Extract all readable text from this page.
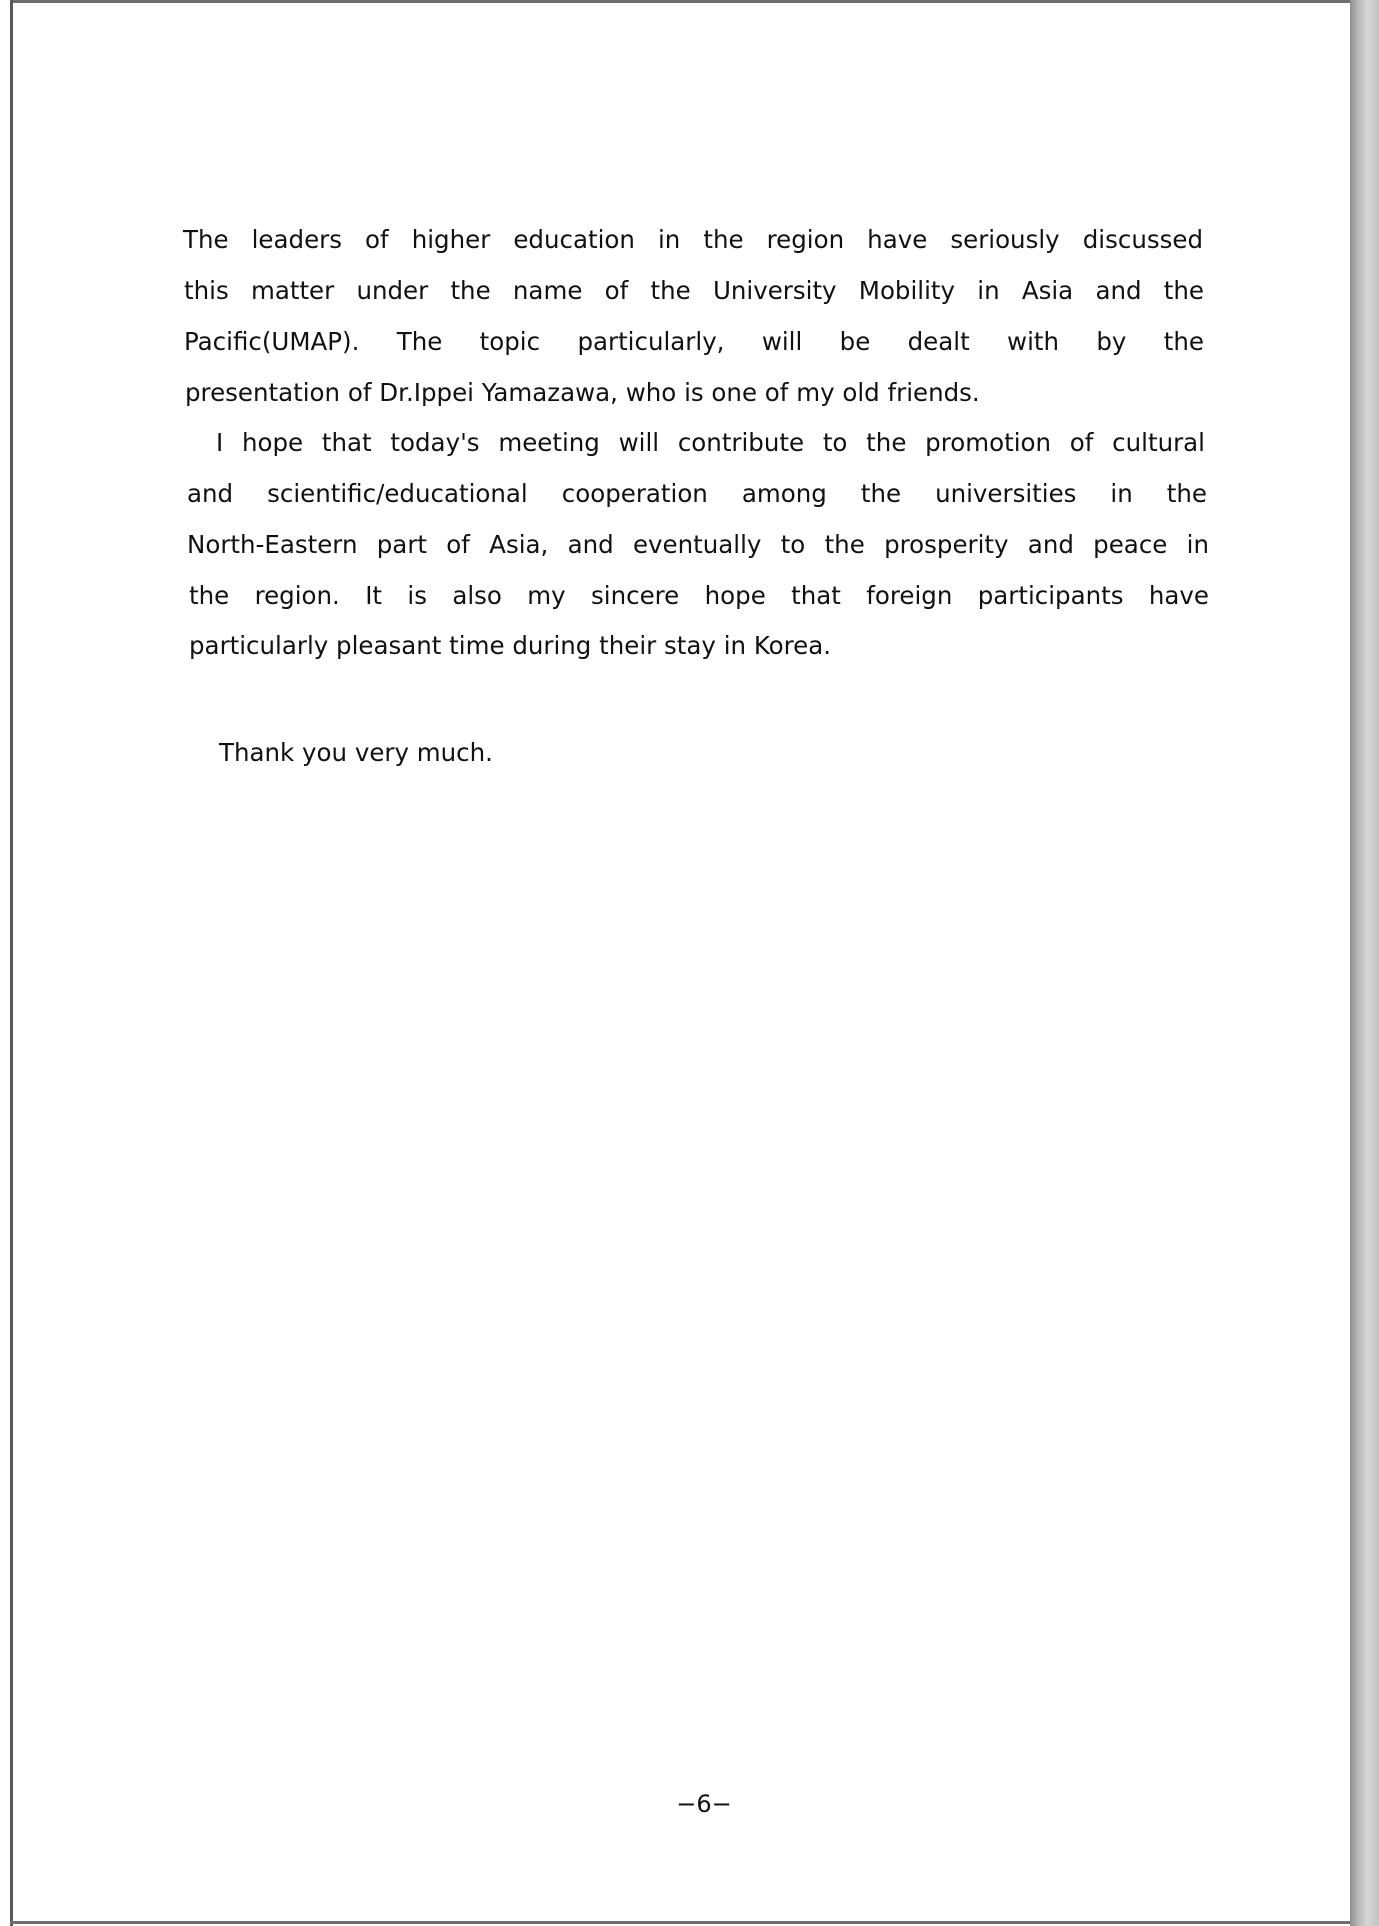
The leaders of higher education in the region have seriously discussed

this matter under the name of the University Mobility in Asia and the

Pacific(UMAP). The topic particularly, will be dealt with by the

presentation of Dr.Ippei Yamazawa, who is one of my old friends.

I hope that today's meeting will contribute to the promotion of cultural

and scientific/educational cooperation among the universities in the

North-Eastern part of Asia, and eventually to the prosperity and peace in

the region. It is also my sincere hope that foreign participants have

particularly pleasant time during their stay in Korea.

Thank you very much.

−6−
